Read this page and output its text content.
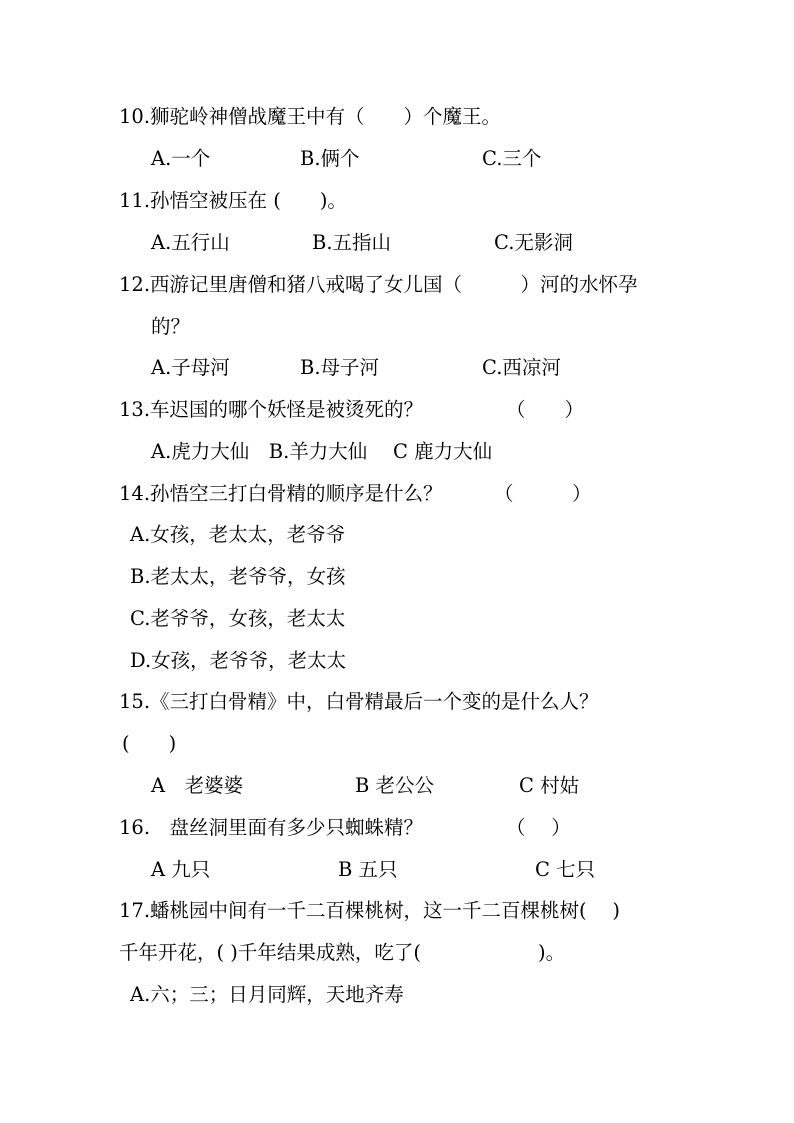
10.狮驼岭神僧战魔王中有（　　）个魔王。
A.一个	B.俩个	C.三个
11.孙悟空被压在 (　　)。
A.五行山	B.五指山	C.无影洞
12.西游记里唐僧和猪八戒喝了女儿国（　　　）河的水怀孕
的？
A.子母河	B.母子河	C.西凉河
13.车迟国的哪个妖怪是被烫死的？	（　　）
A.虎力大仙　B.羊力大仙　 C 鹿力大仙
14.孙悟空三打白骨精的顺序是什么？	（　　　）
A.女孩，老太太，老爷爷
B.老太太，老爷爷，女孩
C.老爷爷，女孩，老太太
D.女孩，老爷爷，老太太
15.《三打白骨精》中，白骨精最后一个变的是什么人？
(　　)
A　老婆婆	B 老公公	C 村姑
16.　盘丝洞里面有多少只蜘蛛精？	（　 ）
A 九只	B 五只	C 七只
17.蟠桃园中间有一千二百棵桃树，这一千二百棵桃树(　 )
千年开花，( )千年结果成熟，吃了(　　　　　　)。
A.六；三；日月同辉，天地齐寿
